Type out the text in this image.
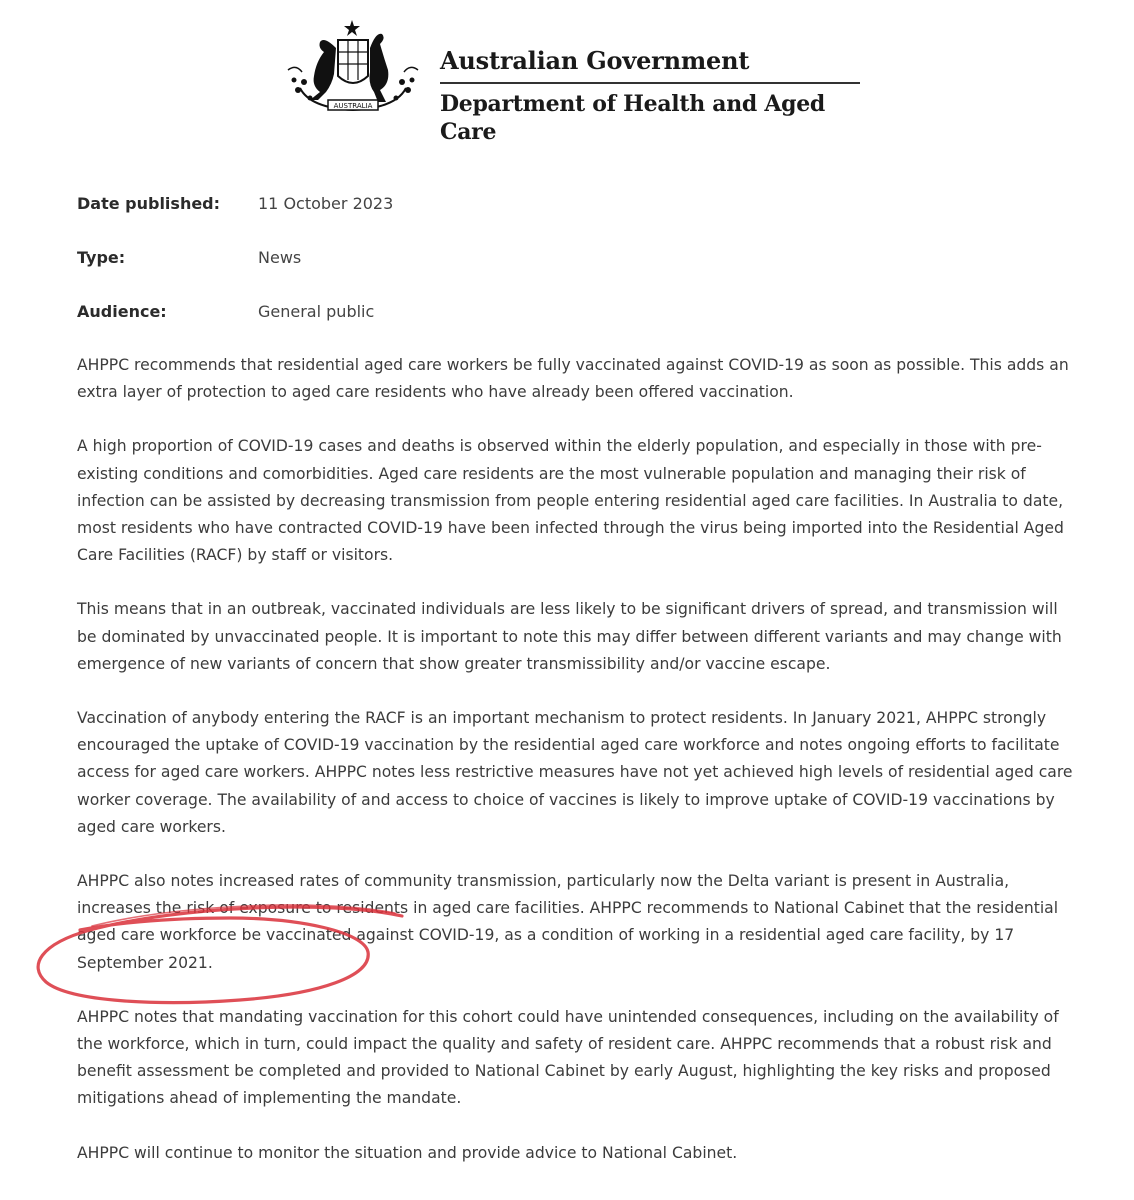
AUSTRALIA
Australian Government
Department of Health and Aged Care
Date published: 11 October 2023
Type:	News
Audience:	General public

AHPPC recommends that residential aged care workers be fully vaccinated against COVID-19 as soon as possible. This adds an extra layer of protection to aged care residents who have already been offered vaccination.

A high proportion of COVID-19 cases and deaths is observed within the elderly population, and especially in those with pre-existing conditions and comorbidities. Aged care residents are the most vulnerable population and managing their risk of infection can be assisted by decreasing transmission from people entering residential aged care facilities. In Australia to date, most residents who have contracted COVID-19 have been infected through the virus being imported into the Residential Aged Care Facilities (RACF) by staff or visitors.

This means that in an outbreak, vaccinated individuals are less likely to be significant drivers of spread, and transmission will be dominated by unvaccinated people. It is important to note this may differ between different variants and may change with emergence of new variants of concern that show greater transmissibility and/or vaccine escape.

Vaccination of anybody entering the RACF is an important mechanism to protect residents. In January 2021, AHPPC strongly encouraged the uptake of COVID-19 vaccination by the residential aged care workforce and notes ongoing efforts to facilitate access for aged care workers. AHPPC notes less restrictive measures have not yet achieved high levels of residential aged care worker coverage. The availability of and access to choice of vaccines is likely to improve uptake of COVID-19 vaccinations by aged care workers.

AHPPC also notes increased rates of community transmission, particularly now the Delta variant is present in Australia, increases the risk of exposure to residents in aged care facilities. AHPPC recommends to National Cabinet that the residential aged care workforce be vaccinated against COVID-19, as a condition of working in a residential aged care facility, by 17 September 2021.

AHPPC notes that mandating vaccination for this cohort could have unintended consequences, including on the availability of the workforce, which in turn, could impact the quality and safety of resident care. AHPPC recommends that a robust risk and benefit assessment be completed and provided to National Cabinet by early August, highlighting the key risks and proposed mitigations ahead of implementing the mandate.

AHPPC will continue to monitor the situation and provide advice to National Cabinet.
